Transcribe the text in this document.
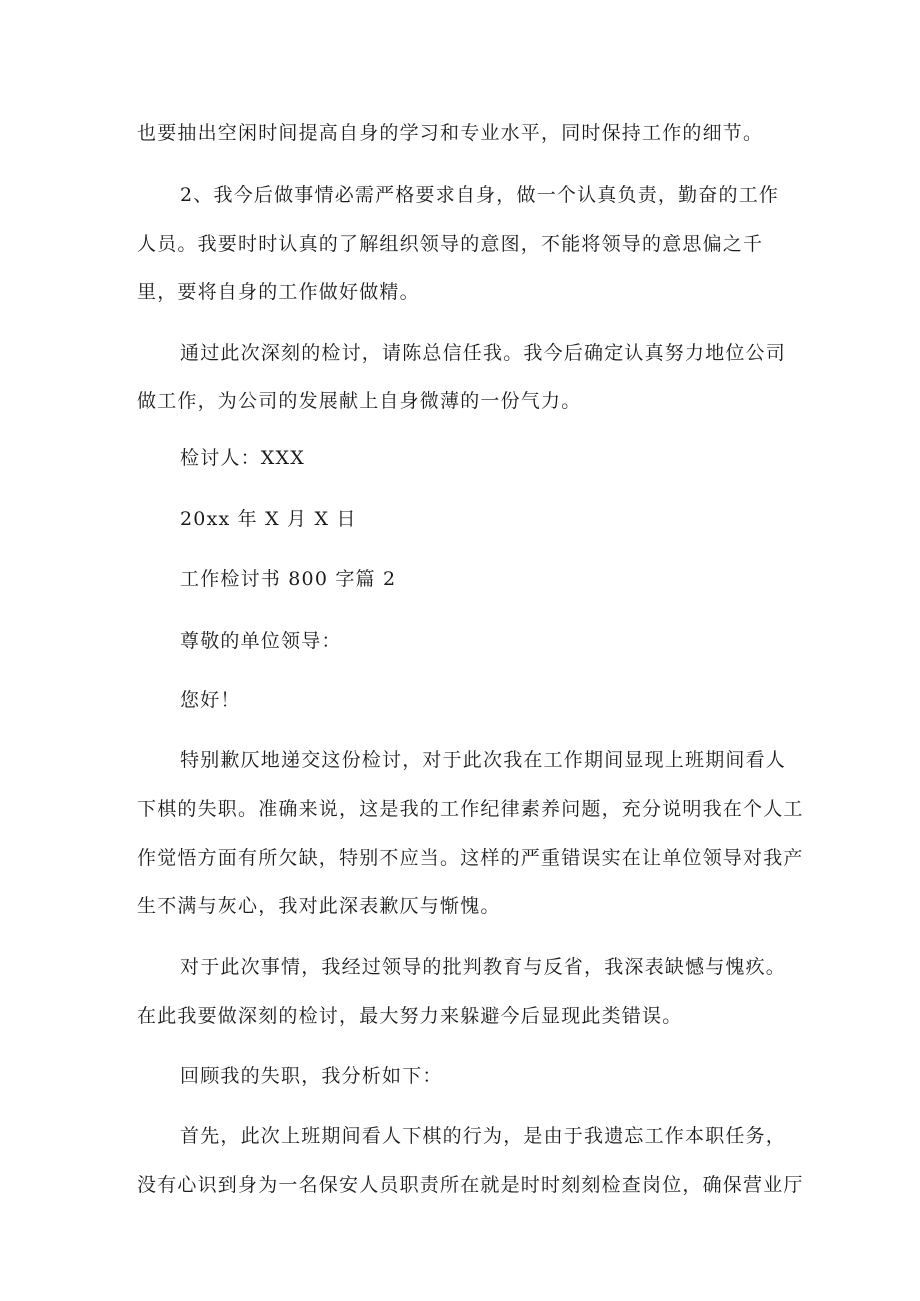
也要抽出空闲时间提高自身的学习和专业水平，同时保持工作的细节。
2、我今后做事情必需严格要求自身，做一个认真负责，勤奋的工作
人员。我要时时认真的了解组织领导的意图，不能将领导的意思偏之千
里，要将自身的工作做好做精。
通过此次深刻的检讨，请陈总信任我。我今后确定认真努力地位公司
做工作，为公司的发展献上自身微薄的一份气力。
检讨人：XXX
20xx 年 X 月 X 日
工作检讨书 800 字篇 2
尊敬的单位领导：
您好！
特别歉仄地递交这份检讨，对于此次我在工作期间显现上班期间看人
下棋的失职。准确来说，这是我的工作纪律素养问题，充分说明我在个人工
作觉悟方面有所欠缺，特别不应当。这样的严重错误实在让单位领导对我产
生不满与灰心，我对此深表歉仄与惭愧。
对于此次事情，我经过领导的批判教育与反省，我深表缺憾与愧疚。
在此我要做深刻的检讨，最大努力来躲避今后显现此类错误。
回顾我的失职，我分析如下：
首先，此次上班期间看人下棋的行为，是由于我遗忘工作本职任务，
没有心识到身为一名保安人员职责所在就是时时刻刻检查岗位，确保营业厅
